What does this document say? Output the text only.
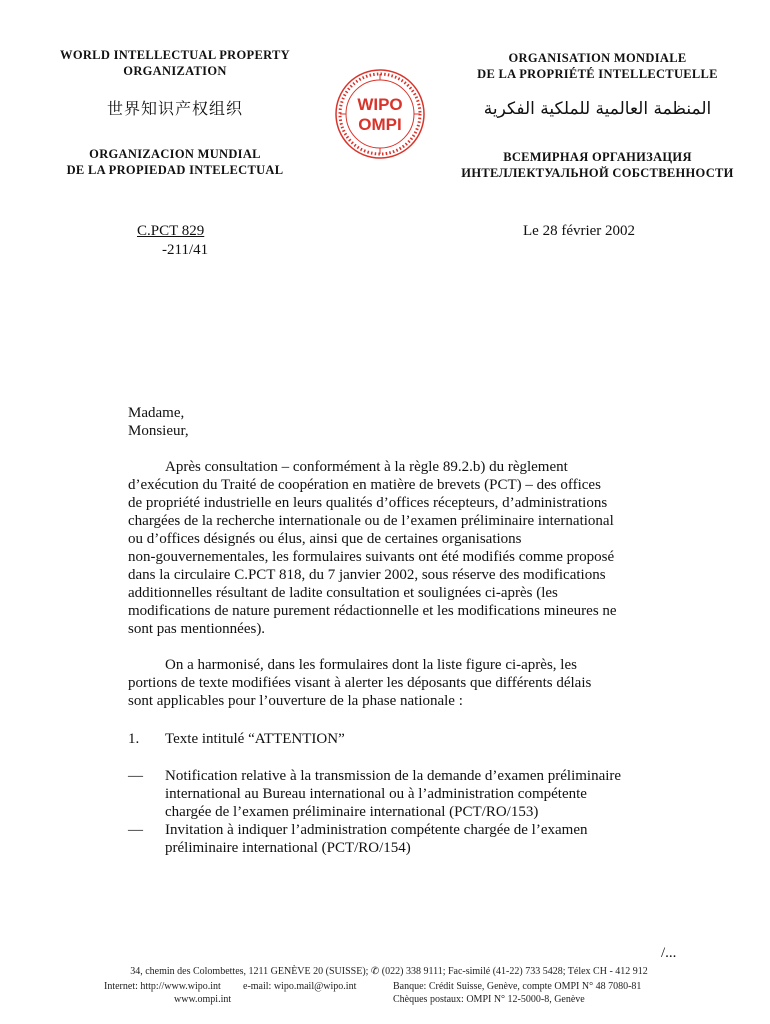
WORLD INTELLECTUAL PROPERTY
ORGANIZATION
ORGANISATION MONDIALE
DE LA PROPRIÉTÉ INTELLECTUELLE
世界知识产权组织	المنظمة العالمية للملكية الفكرية
ORGANIZACION MUNDIAL
DE LA PROPIEDAD INTELECTUAL
ВСЕМИРНАЯ ОРГАНИЗАЦИЯ
ИНТЕЛЛЕКТУАЛЬНОЙ СОБСТВЕННОСТИ
WIPO
OMPI
C.PCT 829
-211/41
Le 28 février 2002
Madame,
Monsieur,
Après consultation – conformément à la règle 89.2.b) du règlement
d’exécution du Traité de coopération en matière de brevets (PCT) – des offices
de propriété industrielle en leurs qualités d’offices récepteurs, d’administrations
chargées de la recherche internationale ou de l’examen préliminaire international
ou d’offices désignés ou élus, ainsi que de certaines organisations
non-gouvernementales, les formulaires suivants ont été modifiés comme proposé
dans la circulaire C.PCT 818, du 7 janvier 2002, sous réserve des modifications
additionnelles résultant de ladite consultation et soulignées ci-après (les
modifications de nature purement rédactionnelle et les modifications mineures ne
sont pas mentionnées).
On a harmonisé, dans les formulaires dont la liste figure ci-après, les
portions de texte modifiées visant à alerter les déposants que différents délais
sont applicables pour l’ouverture de la phase nationale :
1. Texte intitulé “ATTENTION”
— Notification relative à la transmission de la demande d’examen préliminaire
international au Bureau international ou à l’administration compétente
chargée de l’examen préliminaire international (PCT/RO/153)
— Invitation à indiquer l’administration compétente chargée de l’examen
préliminaire international (PCT/RO/154)
/...
34, chemin des Colombettes, 1211 GENÈVE 20 (SUISSE); ✆ (022) 338 9111; Fac-similé (41-22) 733 5428; Télex CH - 412 912
Internet: http://www.wipo.int e-mail: wipo.mail@wipo.int
www.ompi.int
Banque: Crédit Suisse, Genève, compte OMPI N° 48 7080-81
Chèques postaux: OMPI N° 12-5000-8, Genève
